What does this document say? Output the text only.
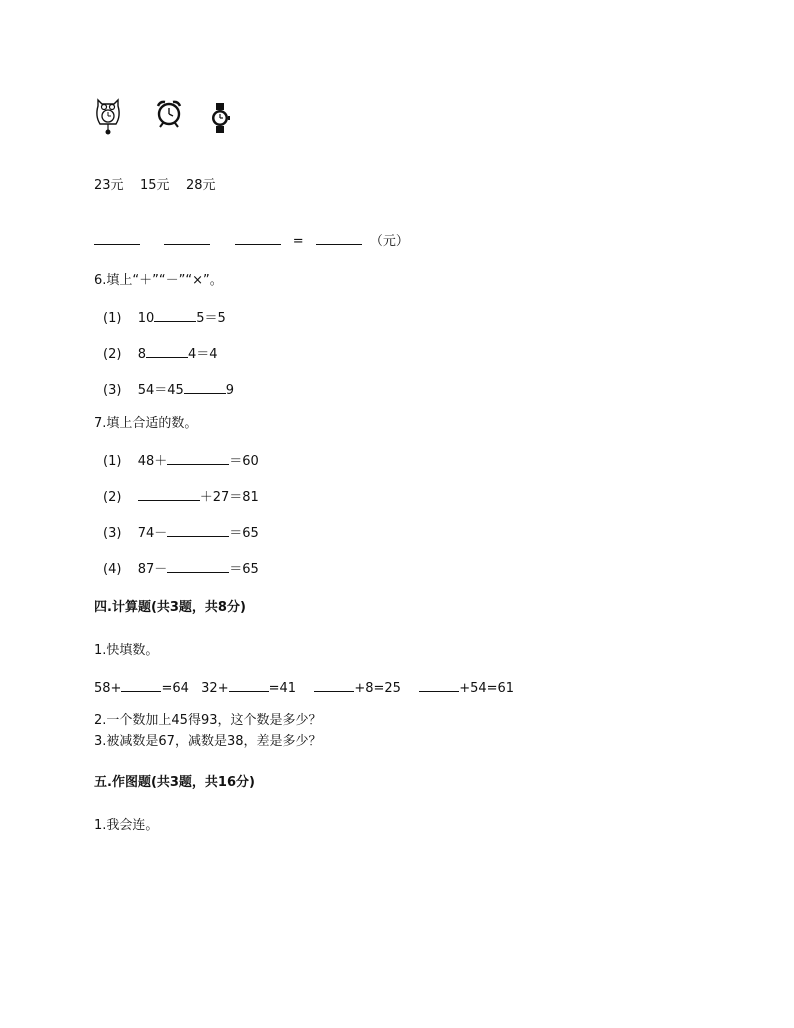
23元 15元 28元
=	（元）
6.填上“＋”“－”“×”。
(1) 10	5＝5
(2) 8	4＝4
(3) 54＝45	9
7.填上合适的数。
(1) 48＋	＝60
(2)	＋27＝81
(3) 74－	＝65
(4) 87－	＝65
四.计算题(共3题，共8分)
1.快填数。
58+	=64 32+	=41	+8=25	+54=61
2.一个数加上45得93，这个数是多少？
3.被减数是67，减数是38，差是多少？
五.作图题(共3题，共16分)
1.我会连。
